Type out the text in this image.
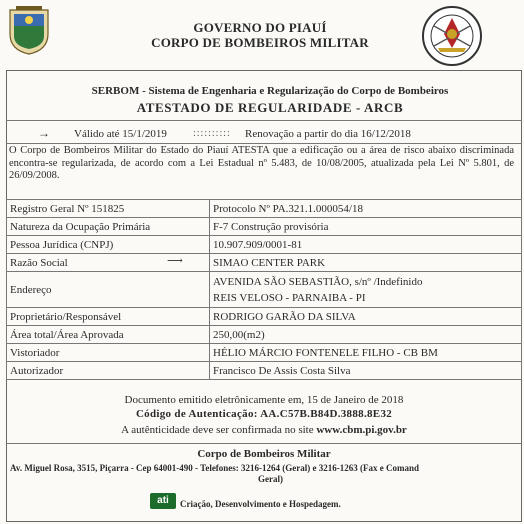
GOVERNO DO PIAUÍ
CORPO DE BOMBEIROS MILITAR
SERBOM - Sistema de Engenharia e Regularização do Corpo de Bombeiros
ATESTADO DE REGULARIDADE - ARCB
→ Válido até 15/1/2019	:::::::::: Renovação a partir do dia 16/12/2018
O Corpo de Bombeiros Militar do Estado do Piauí ATESTA que a edificação ou a área de risco abaixo discriminada encontra-se regularizada, de acordo com a Lei Estadual nº 5.483, de 10/08/2005, atualizada pela Lei Nº 5.801, de 26/09/2008.
Registro Geral Nº 151825	Protocolo Nº PA.321.1.000054/18
Natureza da Ocupação Primária	F-7 Construção provisória
Pessoa Jurídica (CNPJ)	10.907.909/0001-81
Razão Social ⟶	SIMAO CENTER PARK
Endereço	AVENIDA SÃO SEBASTIÃO, s/nº /Indefinido
REIS VELOSO - PARNAIBA - PI

Proprietário/Responsável	RODRIGO GARÃO DA SILVA
Área total/Área Aprovada	250,00(m2)
Vistoriador	HÉLIO MÁRCIO FONTENELE FILHO - CB BM
Autorizador	Francisco De Assis Costa Silva
Documento emitido eletrônicamente em, 15 de Janeiro de 2018
Código de Autenticação: AA.C57B.B84D.3888.8E32
A autênticidade deve ser confirmada no site www.cbm.pi.gov.br
Corpo de Bombeiros Militar
Av. Miguel Rosa, 3515, Piçarra - Cep 64001-490 - Telefones: 3216-1264 (Geral) e 3216-1263 (Fax e Comand
Geral)
ati	Criação, Desenvolvimento e Hospedagem.
